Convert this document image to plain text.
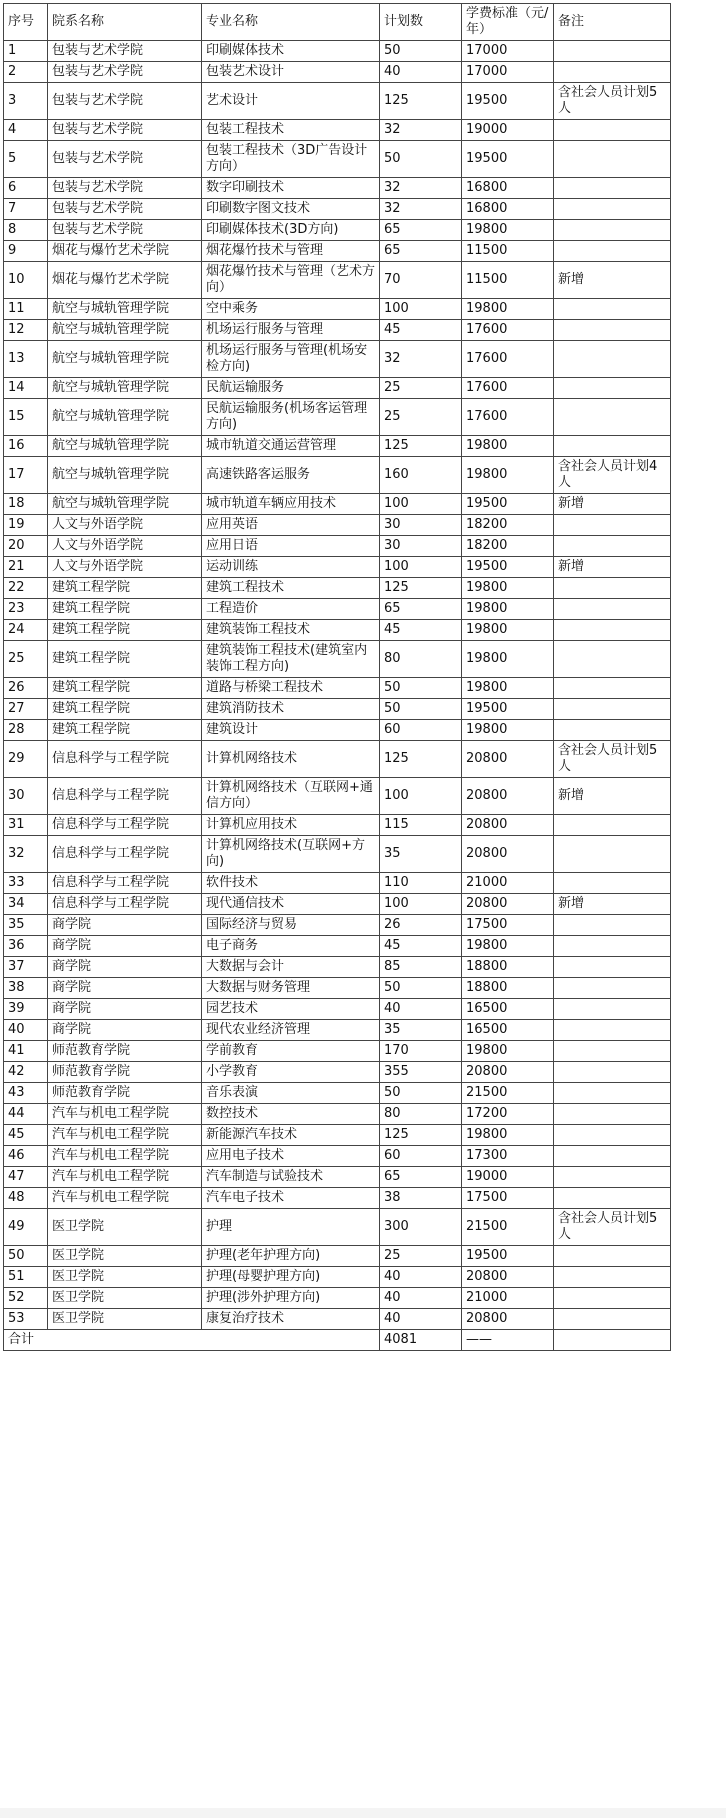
序号	院系名称	专业名称	计划数	学费标准（元/年）	备注
1	包装与艺术学院	印刷媒体技术	50	17000	
2	包装与艺术学院	包装艺术设计	40	17000	
3	包装与艺术学院	艺术设计	125	19500	含社会人员计划5人
4	包装与艺术学院	包装工程技术	32	19000	
5	包装与艺术学院	包装工程技术（3D广告设计方向）	50	19500	
6	包装与艺术学院	数字印刷技术	32	16800	
7	包装与艺术学院	印刷数字图文技术	32	16800	
8	包装与艺术学院	印刷媒体技术(3D方向)	65	19800	
9	烟花与爆竹艺术学院	烟花爆竹技术与管理	65	11500	
10	烟花与爆竹艺术学院	烟花爆竹技术与管理（艺术方向）	70	11500	新增
11	航空与城轨管理学院	空中乘务	100	19800	
12	航空与城轨管理学院	机场运行服务与管理	45	17600	
13	航空与城轨管理学院	机场运行服务与管理(机场安检方向)	32	17600	
14	航空与城轨管理学院	民航运输服务	25	17600	
15	航空与城轨管理学院	民航运输服务(机场客运管理方向)	25	17600	
16	航空与城轨管理学院	城市轨道交通运营管理	125	19800	
17	航空与城轨管理学院	高速铁路客运服务	160	19800	含社会人员计划4人
18	航空与城轨管理学院	城市轨道车辆应用技术	100	19500	新增
19	人文与外语学院	应用英语	30	18200	
20	人文与外语学院	应用日语	30	18200	
21	人文与外语学院	运动训练	100	19500	新增
22	建筑工程学院	建筑工程技术	125	19800	
23	建筑工程学院	工程造价	65	19800	
24	建筑工程学院	建筑装饰工程技术	45	19800	
25	建筑工程学院	建筑装饰工程技术(建筑室内装饰工程方向)	80	19800	
26	建筑工程学院	道路与桥梁工程技术	50	19800	
27	建筑工程学院	建筑消防技术	50	19500	
28	建筑工程学院	建筑设计	60	19800	
29	信息科学与工程学院	计算机网络技术	125	20800	含社会人员计划5人
30	信息科学与工程学院	计算机网络技术（互联网+通信方向）	100	20800	新增
31	信息科学与工程学院	计算机应用技术	115	20800	
32	信息科学与工程学院	计算机网络技术(互联网+方向)	35	20800	
33	信息科学与工程学院	软件技术	110	21000	
34	信息科学与工程学院	现代通信技术	100	20800	新增
35	商学院	国际经济与贸易	26	17500	
36	商学院	电子商务	45	19800	
37	商学院	大数据与会计	85	18800	
38	商学院	大数据与财务管理	50	18800	
39	商学院	园艺技术	40	16500	
40	商学院	现代农业经济管理	35	16500	
41	师范教育学院	学前教育	170	19800	
42	师范教育学院	小学教育	355	20800	
43	师范教育学院	音乐表演	50	21500	
44	汽车与机电工程学院	数控技术	80	17200	
45	汽车与机电工程学院	新能源汽车技术	125	19800	
46	汽车与机电工程学院	应用电子技术	60	17300	
47	汽车与机电工程学院	汽车制造与试验技术	65	19000	
48	汽车与机电工程学院	汽车电子技术	38	17500	
49	医卫学院	护理	300	21500	含社会人员计划5人
50	医卫学院	护理(老年护理方向)	25	19500	
51	医卫学院	护理(母婴护理方向)	40	20800	
52	医卫学院	护理(涉外护理方向)	40	21000	
53	医卫学院	康复治疗技术	40	20800	
合计			4081	——	
